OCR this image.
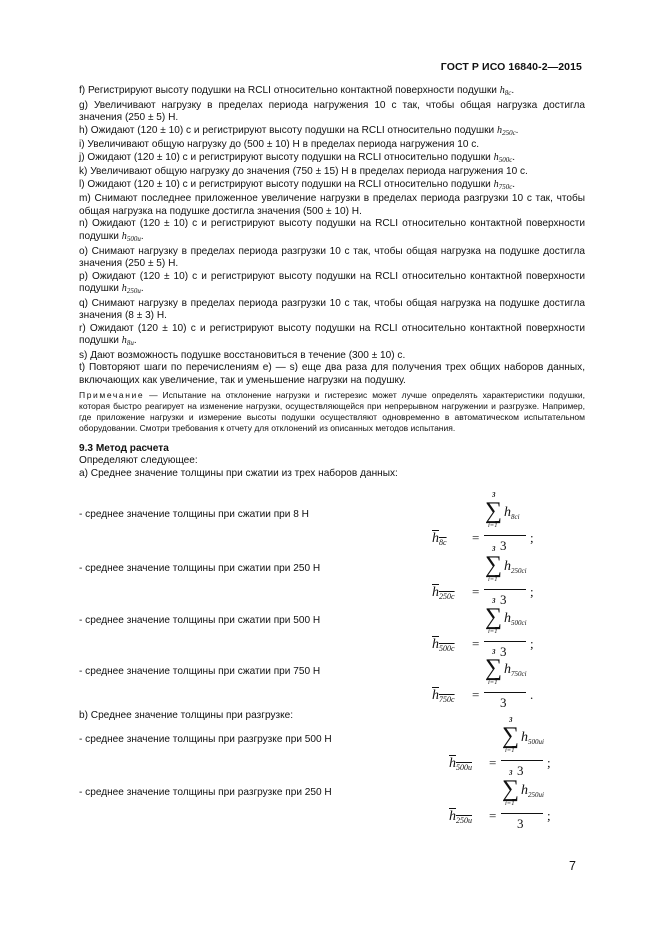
ГОСТ Р ИСО 16840-2—2015

f) Регистрируют высоту подушки на RCLI относительно контактной поверхности подушки $h_{8c}$.

g) Увеличивают нагрузку в пределах периода нагружения 10 с так, чтобы общая нагрузка достигла значения (250 ± 5) Н.

h) Ожидают (120 ± 10) с и регистрируют высоту подушки на RCLI относительно подушки $h_{250c}$.

i) Увеличивают общую нагрузку до (500 ± 10) Н в пределах периода нагружения 10 с.

j) Ожидают (120 ± 10) с и регистрируют высоту подушки на RCLI относительно подушки $h_{500c}$.

k) Увеличивают общую нагрузку до значения (750 ± 15) Н в пределах периода нагружения 10 с.

l) Ожидают (120 ± 10) с и регистрируют высоту подушки на RCLI относительно подушки $h_{750c}$.

m) Снимают последнее приложенное увеличение нагрузки в пределах периода разгрузки 10 с так, чтобы общая нагрузка на подушке достигла значения (500 ± 10) Н.

n) Ожидают (120 ± 10) с и регистрируют высоту подушки на RCLI относительно контактной поверхности подушки $h_{500u}$.

o) Снимают нагрузку в пределах периода разгрузки 10 с так, чтобы общая нагрузка на подушке достигла значения (250 ± 5) Н.

p) Ожидают (120 ± 10) с и регистрируют высоту подушки на RCLI относительно контактной поверхности подушки $h_{250u}$.

q) Снимают нагрузку в пределах периода разгрузки 10 с так, чтобы общая нагрузка на подушке достигла значения (8 ± 3) Н.

r) Ожидают (120 ± 10) с и регистрируют высоту подушки на RCLI относительно контактной поверхности подушки $h_{8u}$.

s) Дают возможность подушке восстановиться в течение (300 ± 10) с.

t) Повторяют шаги по перечислениям e) — s) еще два раза для получения трех общих наборов данных, включающих как увеличение, так и уменьшение нагрузки на подушку.

Примечание — Испытание на отклонение нагрузки и гистерезис может лучше определять характеристики подушки, которая быстро реагирует на изменение нагрузки, осуществляющейся при непрерывном нагружении и разгрузке. Например, где приложение нагрузки и измерение высоты подушки осуществляют одновременно в автоматическом испытательном оборудовании. Смотри требования к отчету для отклонений из описанных методов испытания.

9.3 Метод расчета

Определяют следующее:

а) Среднее значение толщины при сжатии из трех наборов данных:

- среднее значение толщины при сжатии при 8 Н
$h_{8c}$ =
3
∑
i=1
$h_{8ci}$
3
;
- среднее значение толщины при сжатии при 250 Н
$h_{250c}$ =
3
∑
i=1
$h_{250ci}$
3
;
- среднее значение толщины при сжатии при 500 Н
$h_{500c}$ =
3
∑
i=1
$h_{500ci}$
3
;
- среднее значение толщины при сжатии при 750 Н
$h_{750c}$ =
3
∑
i=1
$h_{750ci}$
3
.
b) Среднее значение толщины при разгрузке:
- среднее значение толщины при разгрузке при 500 Н
$h_{500u}$ =
3
∑
i=1
$h_{500ui}$
3
;
- среднее значение толщины при разгрузке при 250 Н
$h_{250u}$ =
3
∑
i=1
$h_{250ui}$
3
;
7
